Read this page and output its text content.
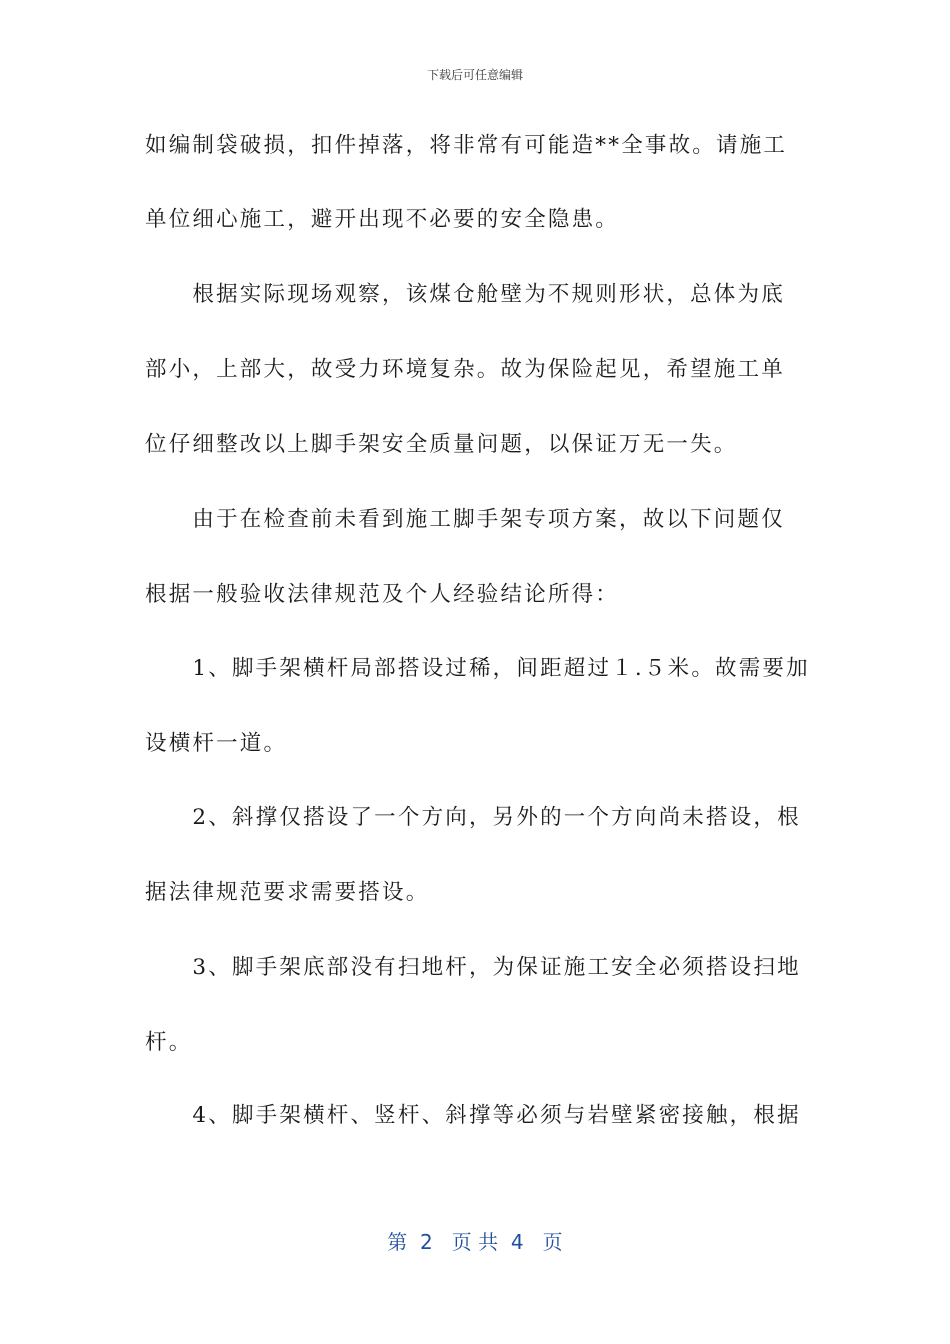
下载后可任意编辑
如编制袋破损，扣件掉落，将非常有可能造**全事故。请施工
单位细心施工，避开出现不必要的安全隐患。
　　根据实际现场观察，该煤仓舱壁为不规则形状，总体为底
部小，上部大，故受力环境复杂。故为保险起见，希望施工单
位仔细整改以上脚手架安全质量问题，以保证万无一失。
　　由于在检查前未看到施工脚手架专项方案，故以下问题仅
根据一般验收法律规范及个人经验结论所得：
　　1、脚手架横杆局部搭设过稀，间距超过１.５米。故需要加
设横杆一道。
　　2、斜撑仅搭设了一个方向，另外的一个方向尚未搭设，根
据法律规范要求需要搭设。
　　3、脚手架底部没有扫地杆，为保证施工安全必须搭设扫地
杆。
　　4、脚手架横杆、竖杆、斜撑等必须与岩壁紧密接触，根据
第  2   页 共  4   页
